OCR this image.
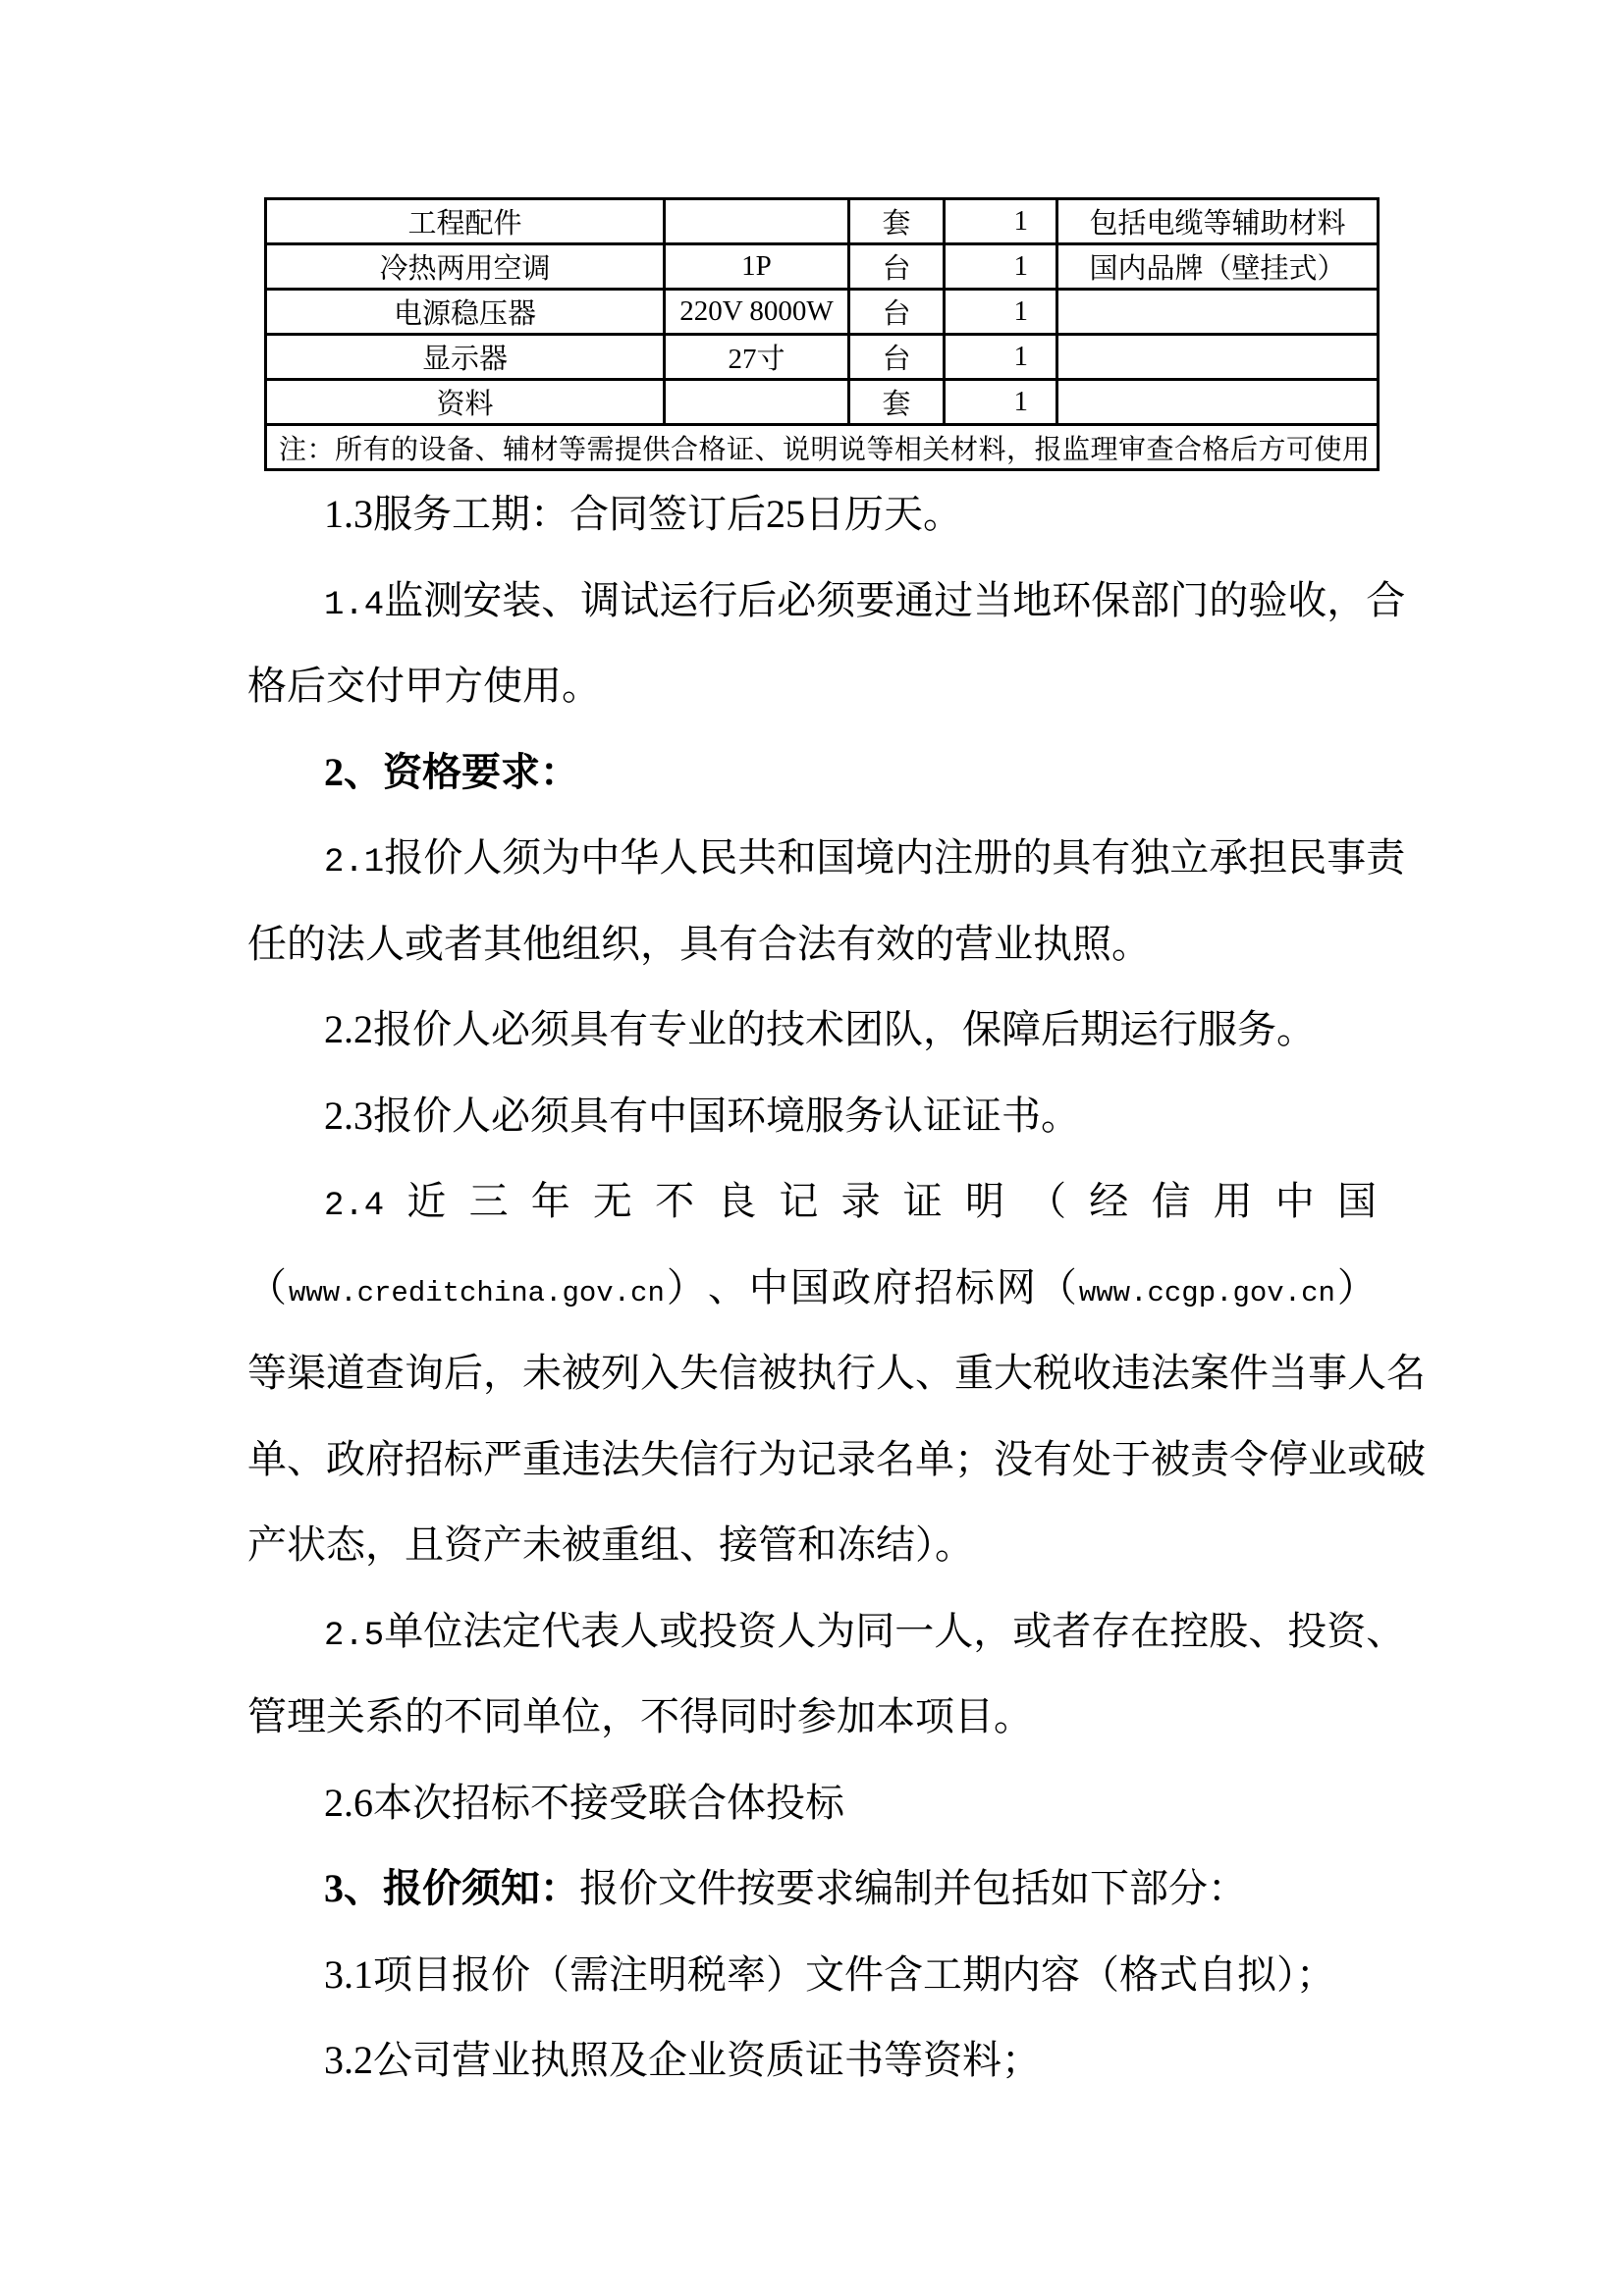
工程配件		套	1	包括电缆等辅助材料
冷热两用空调	1P	台	1	国内品牌（壁挂式）
电源稳压器	220V 8000W	台	1	
显示器	27寸	台	1	
资料		套	1	
注：所有的设备、辅材等需提供合格证、说明说等相关材料，报监理审查合格后方可使用				
1.3服务工期：合同签订后25日历天。
1.4 监 测 安 装 、 调 试 运 行 后 必 须 要 通 过 当 地 环 保 部 门 的 验 收 ， 合
格后交付甲方使用。
2、资格要求：
2.1 报 价 人 须 为 中 华 人 民 共 和 国 境 内 注 册 的 具 有 独 立 承 担 民 事 责
任的法人或者其他组织，具有合法有效的营业执照。
2.2报价人必须具有专业的技术团队，保障后期运行服务。
2.3报价人必须具有中国环境服务认证证书。
2.4 近 三 年 无 不 良 记 录 证 明 （ 经 信 用 中 国
（ www.creditchina.gov.cn ） 、 中 国 政 府 招 标 网 （ www.ccgp.gov.cn ）
等 渠 道 查 询 后 ， 未 被 列 入 失 信 被 执 行 人 、 重 大 税 收 违 法 案 件 当 事 人 名
单 、 政 府 招 标 严 重 违 法 失 信 行 为 记 录 名 单 ； 没 有 处 于 被 责 令 停 业 或 破
产状态，且资产未被重组、接管和冻结）。
2.5 单 位 法 定 代 表 人 或 投 资 人 为 同 一 人 ， 或 者 存 在 控 股 、 投 资 、
管理关系的不同单位，不得同时参加本项目。
2.6本次招标不接受联合体投标
3、报价须知：报价文件按要求编制并包括如下部分：
3.1项目报价（需注明税率）文件含工期内容（格式自拟）；
3.2公司营业执照及企业资质证书等资料；
